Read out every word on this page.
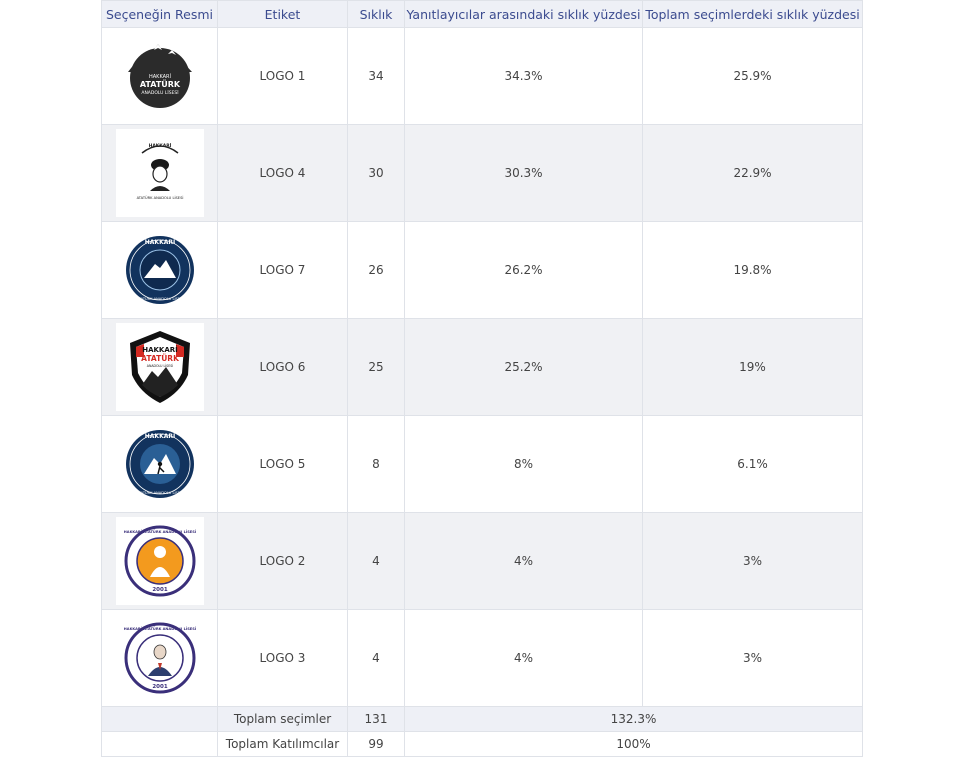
Seçeneğin Resmi	Etiket	Sıklık	Yanıtlayıcılar arasındaki sıklık yüzdesi	Toplam seçimlerdeki sıklık yüzdesi

HAKKARİ
ATATÜRK
ANADOLU LİSESİ	LOGO 1	34	34.3%	25.9%

HAKKARİ
ATATÜRK ANADOLU LİSESİ	LOGO 4	30	30.3%	22.9%

HAKKARİ
ATATÜRK ANADOLU LİSESİ	LOGO 7	26	26.2%	19.8%

HAKKARİ
ATATÜRK
ANADOLU LİSESİ	LOGO 6	25	25.2%	19%

HAKKARİ
ATATÜRK ANADOLU LİSESİ	LOGO 5	8	8%	6.1%

HAKKARİ ATATÜRK ANADOLU LİSESİ
2001	LOGO 2	4	4%	3%

HAKKARİ ATATÜRK ANADOLU LİSESİ
2001	LOGO 3	4	4%	3%
	Toplam seçimler	131	132.3%	
	Toplam Katılımcılar	99	100%	
